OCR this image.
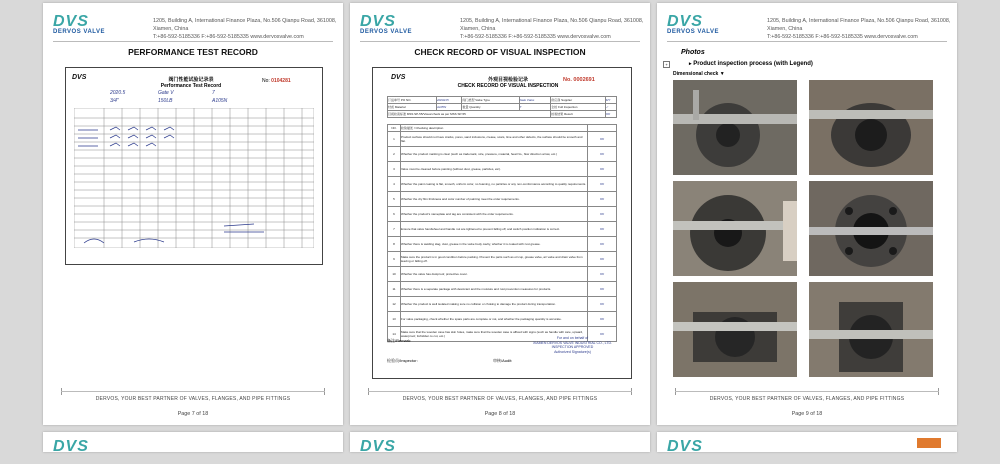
DVS
DERVOS VALVE
1205, Building A, International Finance Plaza, No.506 Qianpu Road, 361008, Xiamen, China
T:+86-592-5185336 F:+86-592-5185335 www.dervosvalve.com
PERFORMANCE TEST RECORD
DVS	阀门性能试验记录表
Performance Test Record
No: 0104281
2020.5	Gate V	7
3/4"	150LB	A105N
DERVOS, YOUR BEST PARTNER OF VALVES, FLANGES, AND PIPE FITTINGS
Page 7 of 18
DVS
DERVOS VALVE
1205, Building A, International Finance Plaza, No.506 Qianpu Road, 361008, Xiamen, China
T:+86-592-5185336 F:+86-592-5185335 www.dervosvalve.com
CHECK RECORD OF VISUAL INSPECTION
DVS	外观目视检验记录
CHECK RECORD OF VISUAL INSPECTION
No. 0002691
订货单号 PO NO.	2020215	阀门类型 Valve Type	Gate Valve	供应商 Supplier	MY
材质 Material	A105N	数量 Quantity	7	全检 Full Inspection	✓
目视检查标准 MSS SP-55/Visual check as per MSS SP-55				检验结果 Result	OK
NO.	检验描述 / Checking description	
1	Product surface should not have cracks, pores, sand inclusions, crease, scars, lime and other defects, the surface should be smooth and flat.	OK
2	Whether the product marking is clear (such as trademark, size, pressure, material, heat No., flow direction arrow, etc.)	OK
3	Valve must be cleaned before painting (without dust, grease, particles, etc).	OK
4	Whether the paint coating is flat, smooth, uniform color, no foaming, no particles or any non-conformance according to quality requirements.	OK
5	Whether the dry film thickness and color number of painting meet the order requirements.	OK
6	Whether the product's nameplate and tag are consistent with the order requirements.	OK
7	Ensure that valve handwheel and handle nut are tightened to prevent falling off, and switch position indication is correct.	OK
8	Whether there is welding slag, dust, grease in the valve body cavity, whether it is coated with rust grease.	OK
9	Make sure the product is in good condition before packing. Prevent the parts such as oil cup, grease valve, air valve and drain valve from leaving or falling off.	OK
10	Whether the valve has dustproof, protective cover.	OK
11	Whether there is a separate package with desiccant and the moisture and rust prevention measures for products.	OK
12	Whether the product is well isolated making sure no collision or choking to damage the product during transportation.	OK
13	For valve packaging, check whether the spare parts are complete or not, and whether the packaging quantity is accurate.	OK
14	Make sure that the wooden case has skin holes, make sure that the wooden case is affixed with signs (such as handle with care, upward, waterproof, forbidden to cut, etc.)	OK
备注/Remark:
检验员/Inspector:	审核/Audit:
For and on behalf of
XIAMEN DERVOS VALVE INDUSTRIAL CO., LTD.
INSPECTION APPROVED
Authorized Signature(s)
DERVOS, YOUR BEST PARTNER OF VALVES, FLANGES, AND PIPE FITTINGS
Page 8 of 18
DVS
DERVOS VALVE
1205, Building A, International Finance Plaza, No.506 Qianpu Road, 361008, Xiamen, China
T:+86-592-5185336 F:+86-592-5185335 www.dervosvalve.com
Photos
+	▸ Product inspection process (with Legend)
Dimensional check ▼
DERVOS, YOUR BEST PARTNER OF VALVES, FLANGES, AND PIPE FITTINGS
Page 9 of 18
DVS	DVS	DVS
